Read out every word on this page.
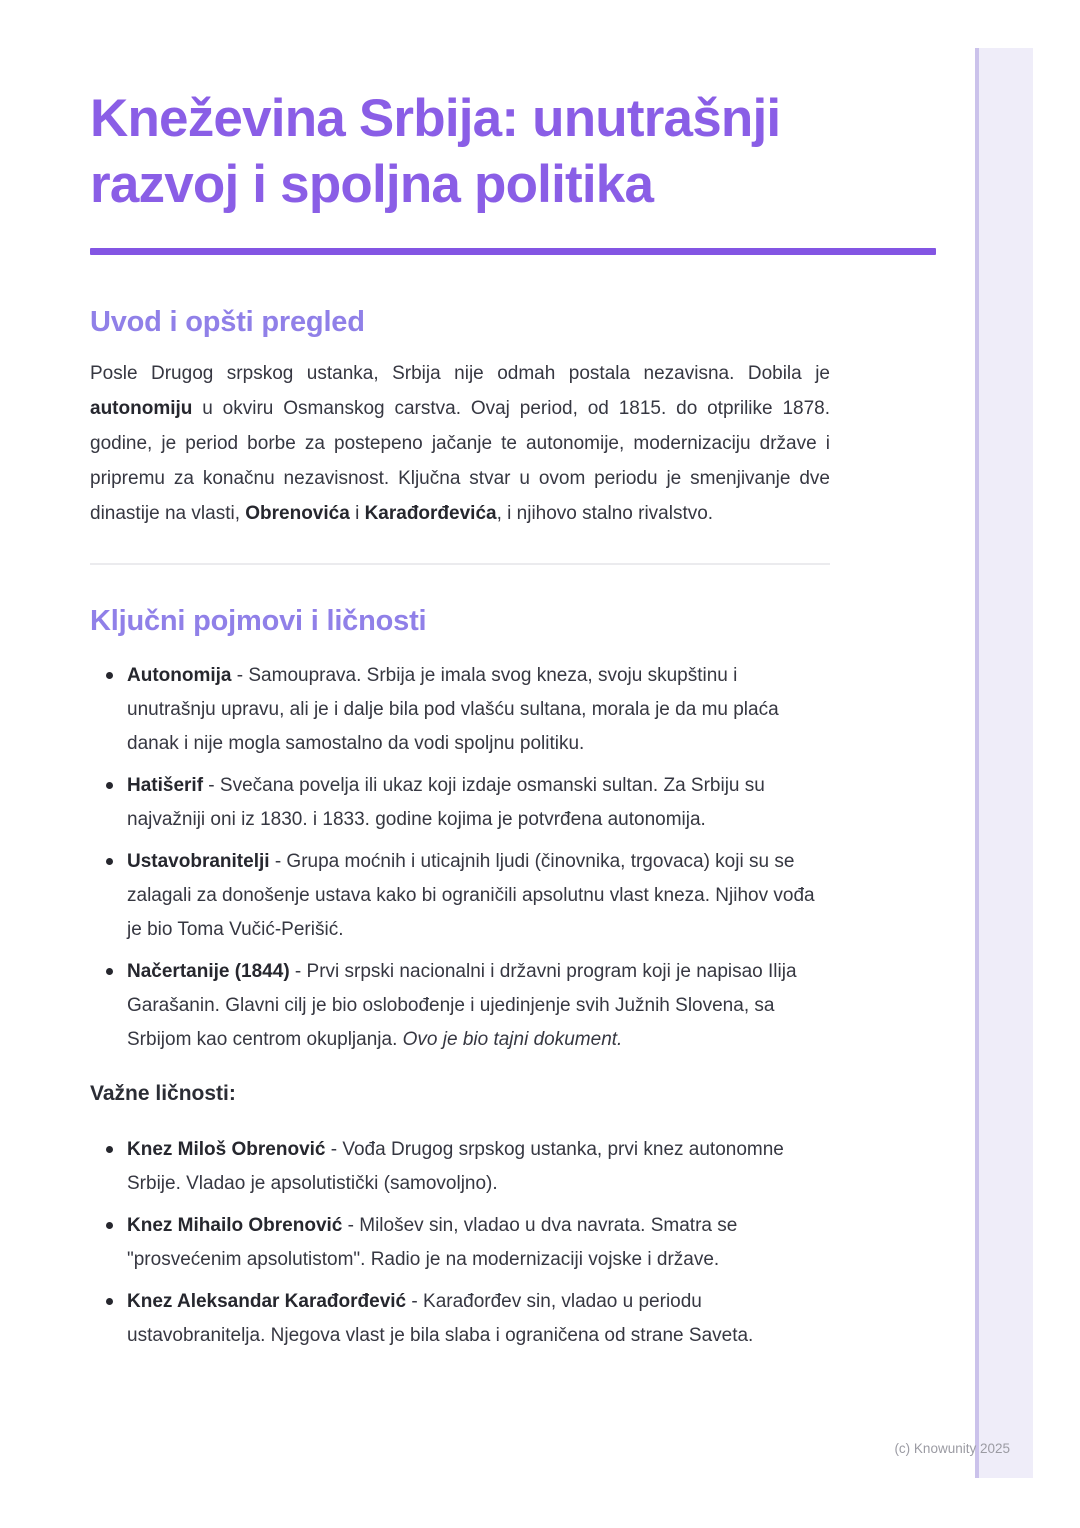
Kneževina Srbija: unutrašnji
razvoj i spoljna politika
Uvod i opšti pregled

Posle Drugog srpskog ustanka, Srbija nije odmah postala nezavisna. Dobila je autonomiju u okviru Osmanskog carstva. Ovaj period, od 1815. do otprilike 1878. godine, je period borbe za postepeno jačanje te autonomije, modernizaciju države i pripremu za konačnu nezavisnost. Ključna stvar u ovom periodu je smenjivanje dve dinastije na vlasti, Obrenovića i Karađorđevića, i njihovo stalno rivalstvo.

Ključni pojmovi i ličnosti
Autonomija - Samouprava. Srbija je imala svog kneza, svoju skupštinu i unutrašnju upravu, ali je i dalje bila pod vlašću sultana, morala je da mu plaća danak i nije mogla samostalno da vodi spoljnu politiku.
Hatišerif - Svečana povelja ili ukaz koji izdaje osmanski sultan. Za Srbiju su najvažniji oni iz 1830. i 1833. godine kojima je potvrđena autonomija.
Ustavobranitelji - Grupa moćnih i uticajnih ljudi (činovnika, trgovaca) koji su se zalagali za donošenje ustava kako bi ograničili apsolutnu vlast kneza. Njihov vođa je bio Toma Vučić-Perišić.
Načertanije (1844) - Prvi srpski nacionalni i državni program koji je napisao Ilija Garašanin. Glavni cilj je bio oslobođenje i ujedinjenje svih Južnih Slovena, sa Srbijom kao centrom okupljanja. Ovo je bio tajni dokument.
Važne ličnosti:
Knez Miloš Obrenović - Vođa Drugog srpskog ustanka, prvi knez autonomne Srbije. Vladao je apsolutistički (samovoljno).
Knez Mihailo Obrenović - Milošev sin, vladao u dva navrata. Smatra se "prosvećenim apsolutistom". Radio je na modernizaciji vojske i države.
Knez Aleksandar Karađorđević - Karađorđev sin, vladao u periodu ustavobranitelja. Njegova vlast je bila slaba i ograničena od strane Saveta.
(c) Knowunity 2025
